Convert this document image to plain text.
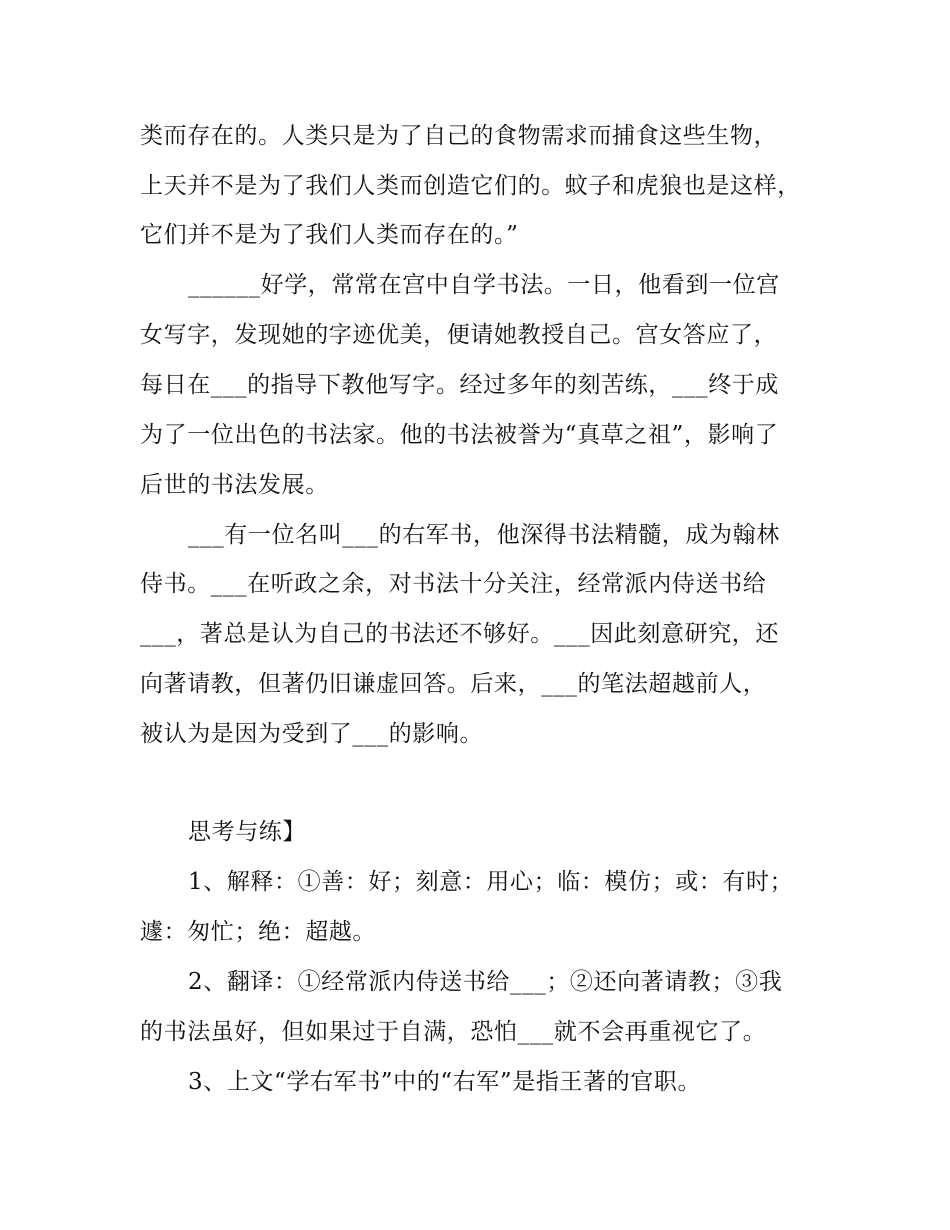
类而存在的。人类只是为了自己的食物需求而捕食这些生物，
上天并不是为了我们人类而创造它们的。蚊子和虎狼也是这样，
它们并不是为了我们人类而存在的。”
______好学，常常在宫中自学书法。一日，他看到一位宫
女写字，发现她的字迹优美，便请她教授自己。宫女答应了，
每日在___的指导下教他写字。经过多年的刻苦练，___终于成
为了一位出色的书法家。他的书法被誉为“真草之祖”，影响了
后世的书法发展。
___有一位名叫___的右军书，他深得书法精髓，成为翰林
侍书。___在听政之余，对书法十分关注，经常派内侍送书给
___，著总是认为自己的书法还不够好。___因此刻意研究，还
向著请教，但著仍旧谦虚回答。后来，___的笔法超越前人，
被认为是因为受到了___的影响。
思考与练】
1、解释：①善：好；刻意：用心；临：模仿；或：有时；
遽：匆忙；绝：超越。
2、翻译：①经常派内侍送书给___；②还向著请教；③我
的书法虽好，但如果过于自满，恐怕___就不会再重视它了。
3、上文“学右军书”中的“右军”是指王著的官职。
